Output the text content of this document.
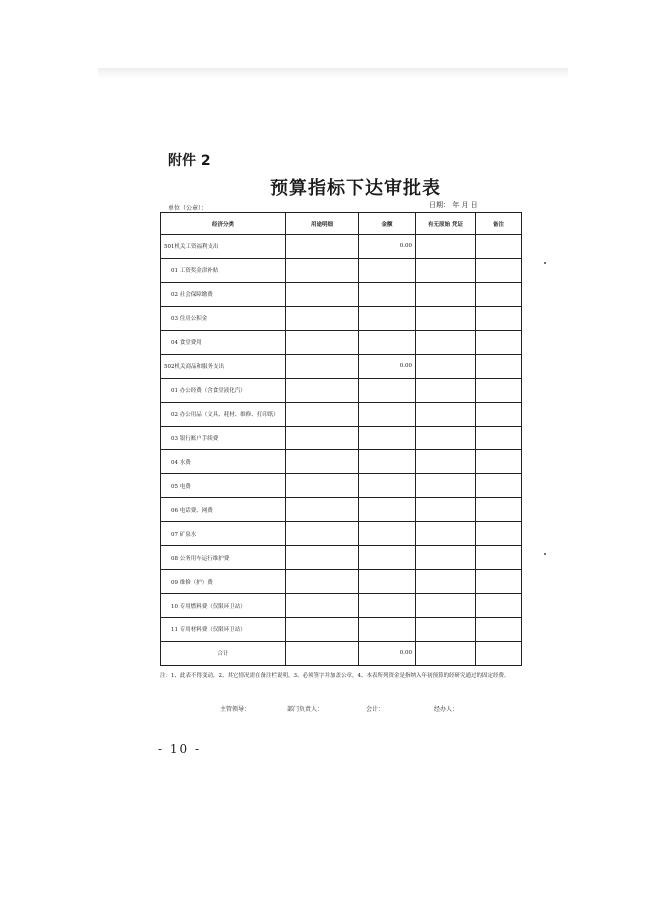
附件 2
预算指标下达审批表
单位（公章）：	日期： 年 月 日
经济分类	用途明细	金额	有无原始 凭证	备注
501机关工资福利支出		0.00		
01 工资奖金津补贴				
02 社会保障缴费				
03 住房公积金				
04 食堂费用				
502机关商品和服务支出		0.00		
01 办公经费（含食堂液化汽）				
02 办公用品（文具、耗材、维修、打印纸）				
03 银行账户手续费				
04 水费				
05 电费				
06 电话费、网费				
07 矿泉水				
08 公务用车运行维护费				
09 维修（护）费				
10 专用燃料费（仅限环卫站）				
11 专用材料费（仅限环卫站）				
合计		0.00		
注：1、此表不得变动，2、其它情况需在备注栏说明，3、必须签字并加盖公章，4、本表所列资金是指纳入年初预算的经研究通过的固定经费。
主管领导：	部门负责人：	会计：	经办人：
- 10 -
